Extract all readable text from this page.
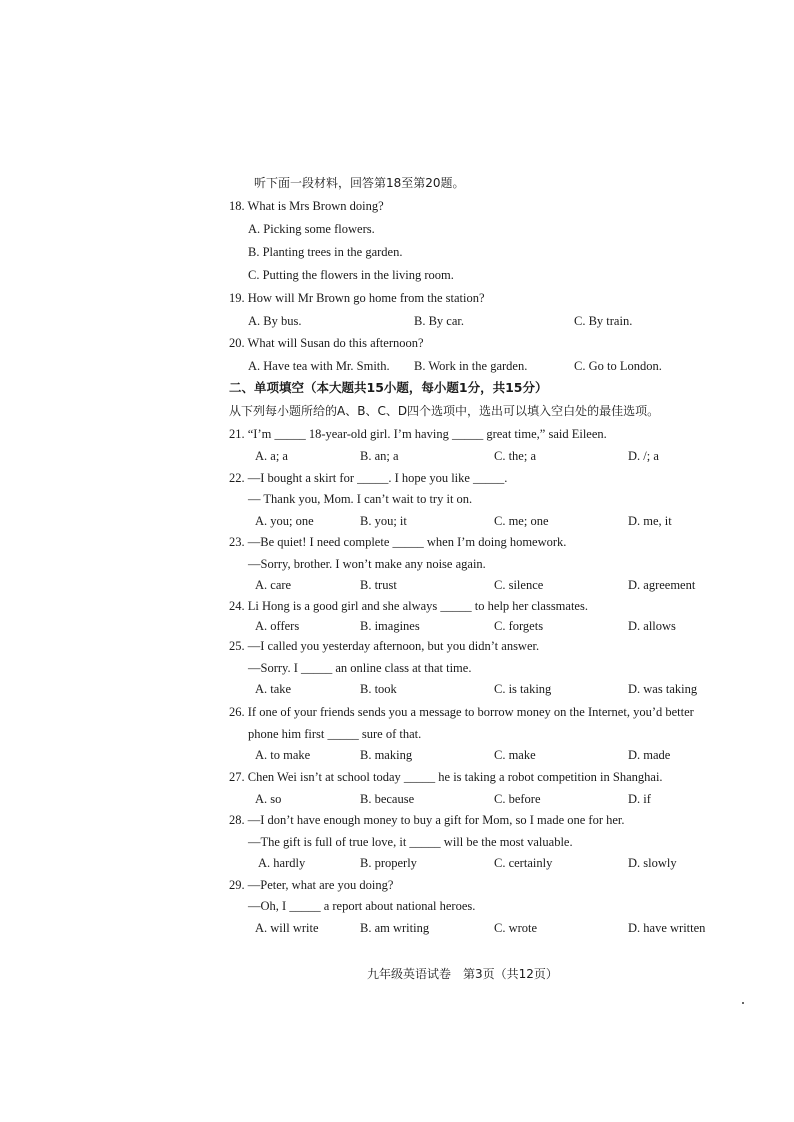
听下面一段材料，回答第18至第20题。
18. What is Mrs Brown doing?
A. Picking some flowers.
B. Planting trees in the garden.
C. Putting the flowers in the living room.
19. How will Mr Brown go home from the station?
A. By bus.	B. By car.	C. By train.
20. What will Susan do this afternoon?
A. Have tea with Mr. Smith. B. Work in the garden.	C. Go to London.
二、单项填空（本大题共15小题，每小题1分，共15分）
从下列每小题所给的A、B、C、D四个选项中，选出可以填入空白处的最佳选项。
21. “I’m _____ 18-year-old girl. I’m having _____ great time,” said Eileen.
A. a; a	B. an; a	C. the; a	D. /; a
22. —I bought a skirt for _____. I hope you like _____.
— Thank you, Mom. I can’t wait to try it on.
A. you; one	B. you; it	C. me; one	D. me, it
23. —Be quiet! I need complete _____ when I’m doing homework.
—Sorry, brother. I won’t make any noise again.
A. care	B. trust	C. silence	D. agreement
24. Li Hong is a good girl and she always _____ to help her classmates.
A. offers	B. imagines	C. forgets	D. allows
25. —I called you yesterday afternoon, but you didn’t answer.
—Sorry. I _____ an online class at that time.
A. take	B. took	C. is taking	D. was taking
26. If one of your friends sends you a message to borrow money on the Internet, you’d better
phone him first _____ sure of that.
A. to make	B. making	C. make	D. made
27. Chen Wei isn’t at school today _____ he is taking a robot competition in Shanghai.
A. so	B. because	C. before	D. if
28. —I don’t have enough money to buy a gift for Mom, so I made one for her.
—The gift is full of true love, it _____ will be the most valuable.
A. hardly	B. properly	C. certainly	D. slowly
29. —Peter, what are you doing?
—Oh, I _____ a report about national heroes.
A. will write	B. am writing	C. wrote	D. have written
九年级英语试卷　第3页（共12页）
